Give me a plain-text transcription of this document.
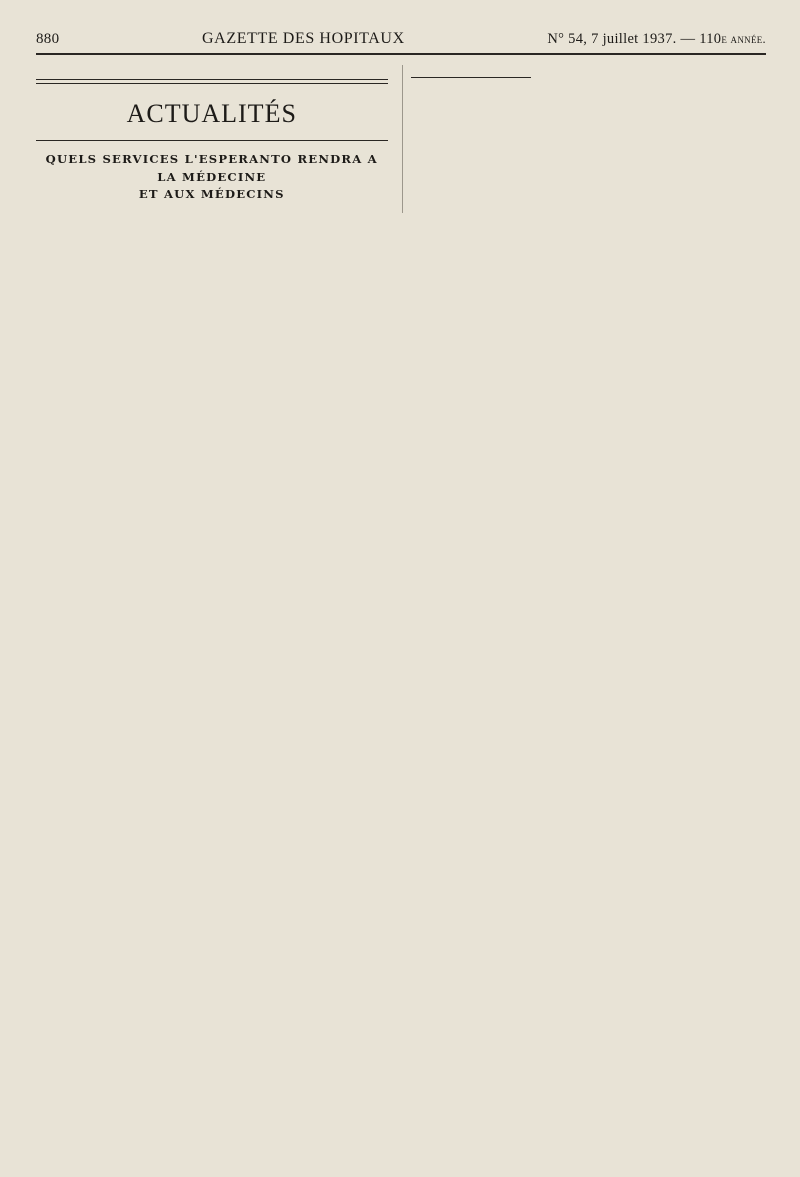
880	GAZETTE DES HOPITAUX	N° 54, 7 juillet 1937. — 110e année.

ACTUALITÉS
QUELS SERVICES L'ESPERANTO RENDRA A LA MÉDECINE
ET AUX MÉDECINS
